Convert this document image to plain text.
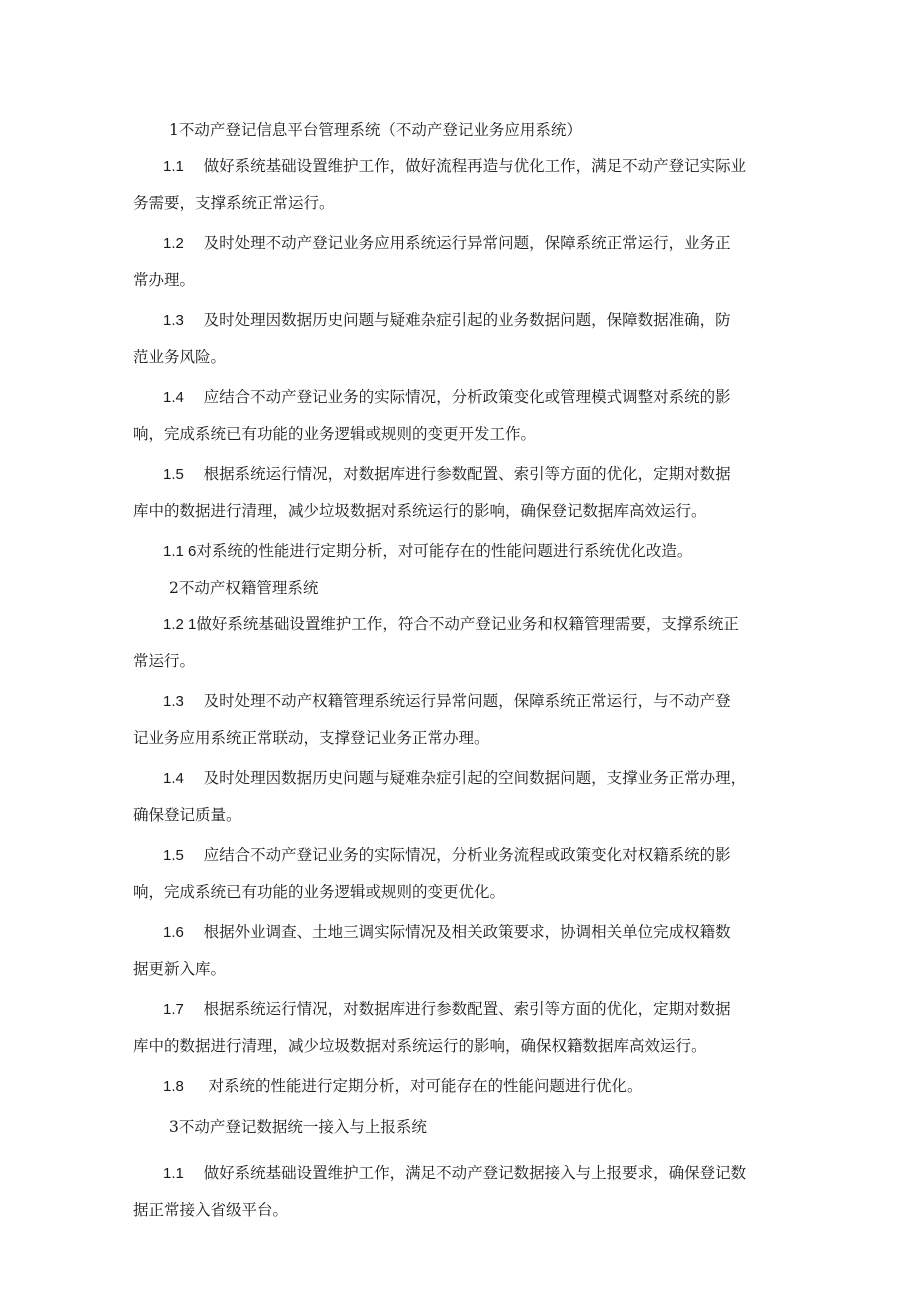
1不动产登记信息平台管理系统（不动产登记业务应用系统）
1.1 做好系统基础设置维护工作，做好流程再造与优化工作，满足不动产登记实际业
务需要，支撑系统正常运行。
1.2 及时处理不动产登记业务应用系统运行异常问题，保障系统正常运行，业务正
常办理。
1.3 及时处理因数据历史问题与疑难杂症引起的业务数据问题，保障数据准确，防
范业务风险。
1.4 应结合不动产登记业务的实际情况，分析政策变化或管理模式调整对系统的影
响，完成系统已有功能的业务逻辑或规则的变更开发工作。
1.5 根据系统运行情况，对数据库进行参数配置、索引等方面的优化，定期对数据
库中的数据进行清理，减少垃圾数据对系统运行的影响，确保登记数据库高效运行。
1.1 6对系统的性能进行定期分析，对可能存在的性能问题进行系统优化改造。
2不动产权籍管理系统
1.2 1做好系统基础设置维护工作，符合不动产登记业务和权籍管理需要，支撑系统正
常运行。
1.3 及时处理不动产权籍管理系统运行异常问题，保障系统正常运行，与不动产登
记业务应用系统正常联动，支撑登记业务正常办理。
1.4 及时处理因数据历史问题与疑难杂症引起的空间数据问题，支撑业务正常办理，
确保登记质量。
1.5 应结合不动产登记业务的实际情况，分析业务流程或政策变化对权籍系统的影
响，完成系统已有功能的业务逻辑或规则的变更优化。
1.6 根据外业调查、土地三调实际情况及相关政策要求，协调相关单位完成权籍数
据更新入库。
1.7 根据系统运行情况，对数据库进行参数配置、索引等方面的优化，定期对数据
库中的数据进行清理，减少垃圾数据对系统运行的影响，确保权籍数据库高效运行。
1.8 对系统的性能进行定期分析，对可能存在的性能问题进行优化。
3不动产登记数据统一接入与上报系统
1.1 做好系统基础设置维护工作，满足不动产登记数据接入与上报要求，确保登记数
据正常接入省级平台。
